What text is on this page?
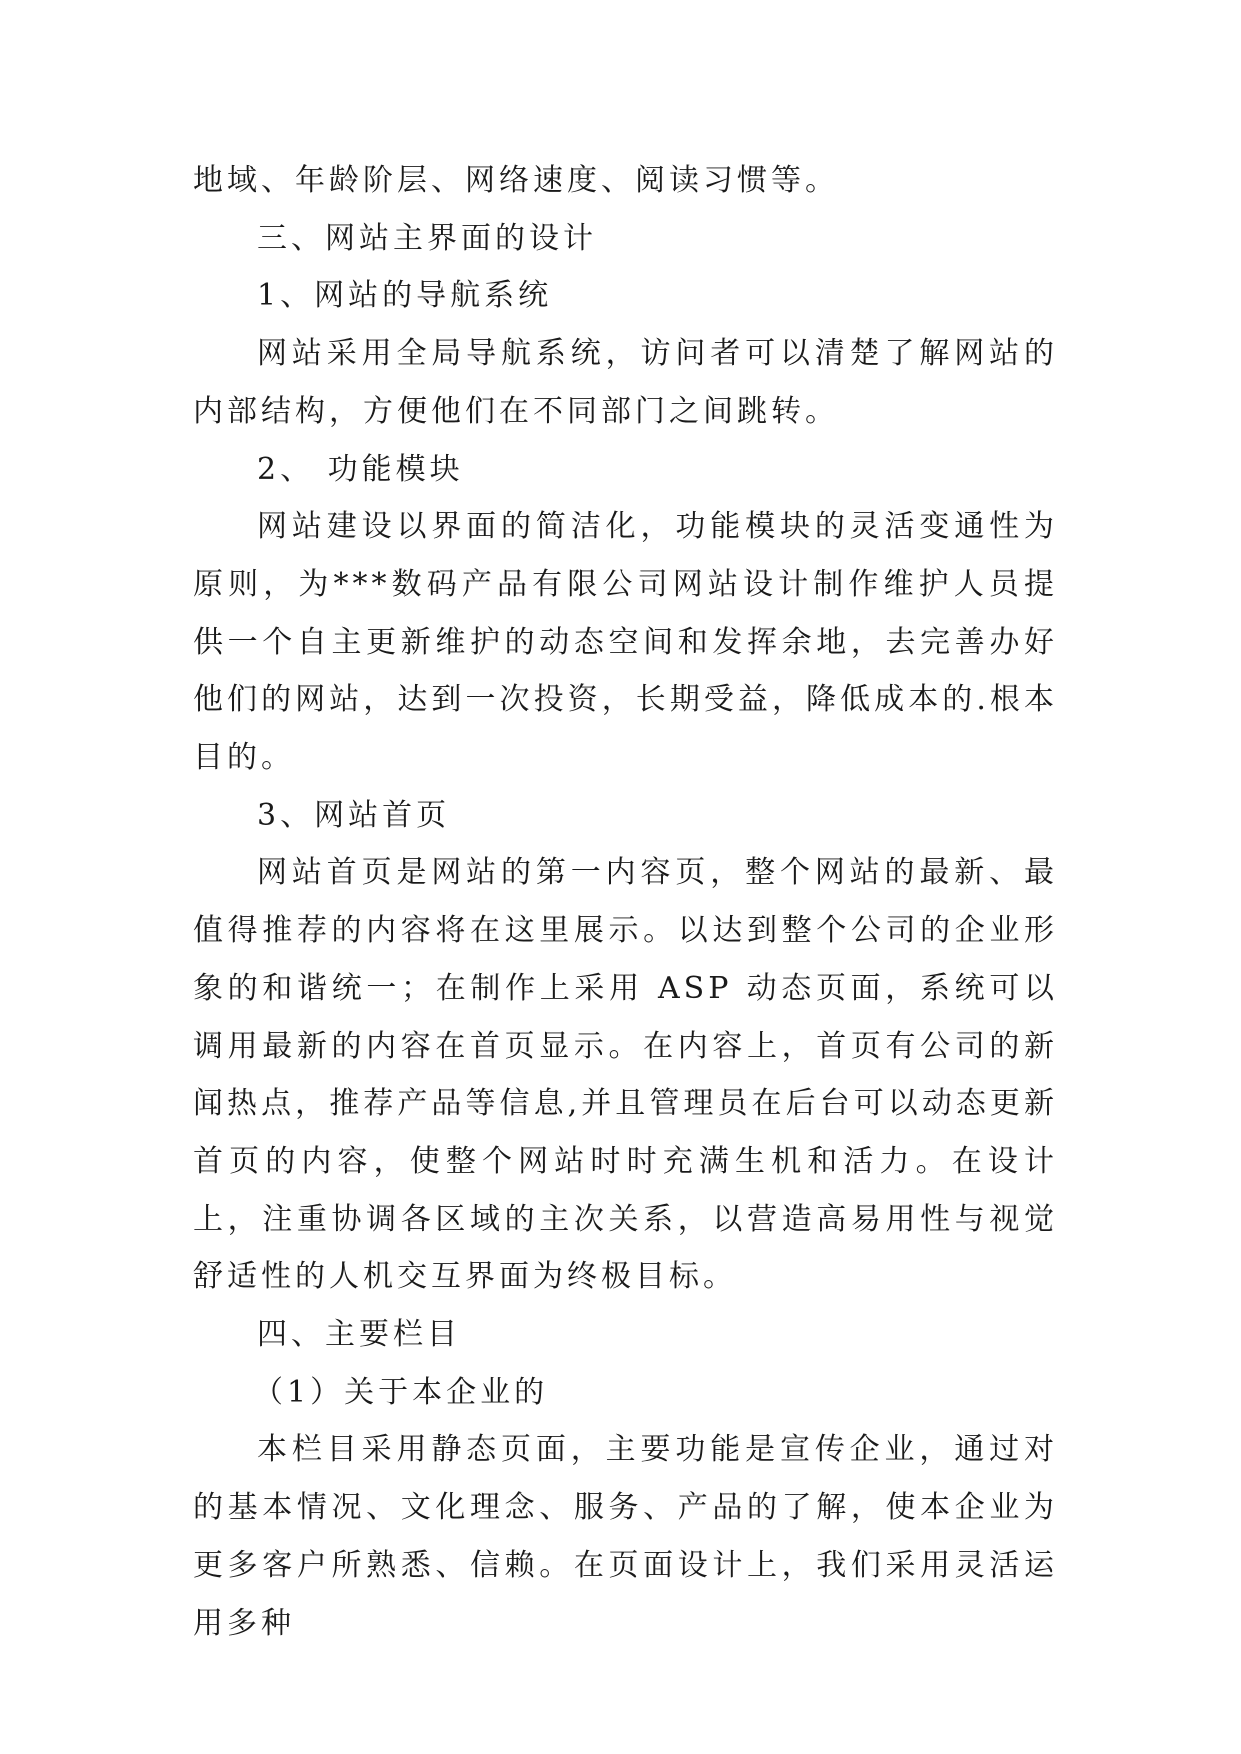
地域、年龄阶层、网络速度、阅读习惯等。

三、网站主界面的设计

1、网站的导航系统

网站采用全局导航系统，访问者可以清楚了解网站的内部结构，方便他们在不同部门之间跳转。

2、 功能模块

网站建设以界面的简洁化，功能模块的灵活变通性为原则，为***数码产品有限公司网站设计制作维护人员提供一个自主更新维护的动态空间和发挥余地，去完善办好他们的网站，达到一次投资，长期受益，降低成本的.根本目的。

3、网站首页

网站首页是网站的第一内容页，整个网站的最新、最值得推荐的内容将在这里展示。以达到整个公司的企业形象的和谐统一；在制作上采用 ASP 动态页面，系统可以调用最新的内容在首页显示。在内容上，首页有公司的新闻热点，推荐产品等信息,并且管理员在后台可以动态更新首页的内容，使整个网站时时充满生机和活力。在设计上，注重协调各区域的主次关系，以营造高易用性与视觉舒适性的人机交互界面为终极目标。

四、主要栏目

（1）关于本企业的

本栏目采用静态页面，主要功能是宣传企业，通过对的基本情况、文化理念、服务、产品的了解，使本企业为更多客户所熟悉、信赖。在页面设计上，我们采用灵活运用多种
